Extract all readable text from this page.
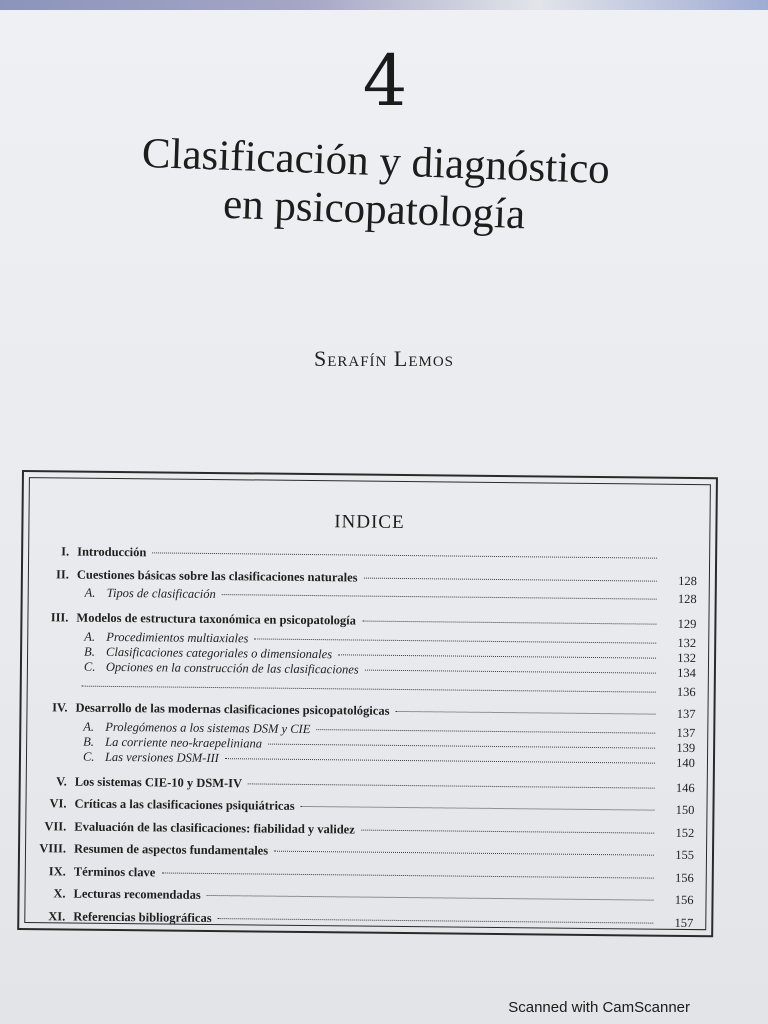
4
Clasificación y diagnóstico
en psicopatología
Serafín Lemos
INDICE
I. Introducción
II. Cuestiones básicas sobre las clasificaciones naturales	128
A. Tipos de clasificación	128
III. Modelos de estructura taxonómica en psicopatología	129
A. Procedimientos multiaxiales	132
B. Clasificaciones categoriales o dimensionales	132
C. Opciones en la construcción de las clasificaciones	134
136
IV. Desarrollo de las modernas clasificaciones psicopatológicas	137
A. Prolegómenos a los sistemas DSM y CIE	137
B. La corriente neo-kraepeliniana	139
C. Las versiones DSM-III	140
V. Los sistemas CIE-10 y DSM-IV	146
VI. Críticas a las clasificaciones psiquiátricas	150
VII. Evaluación de las clasificaciones: fiabilidad y validez	152
VIII. Resumen de aspectos fundamentales	155
IX. Términos clave	156
X. Lecturas recomendadas	156
XI. Referencias bibliográficas	157
Scanned with CamScanner
